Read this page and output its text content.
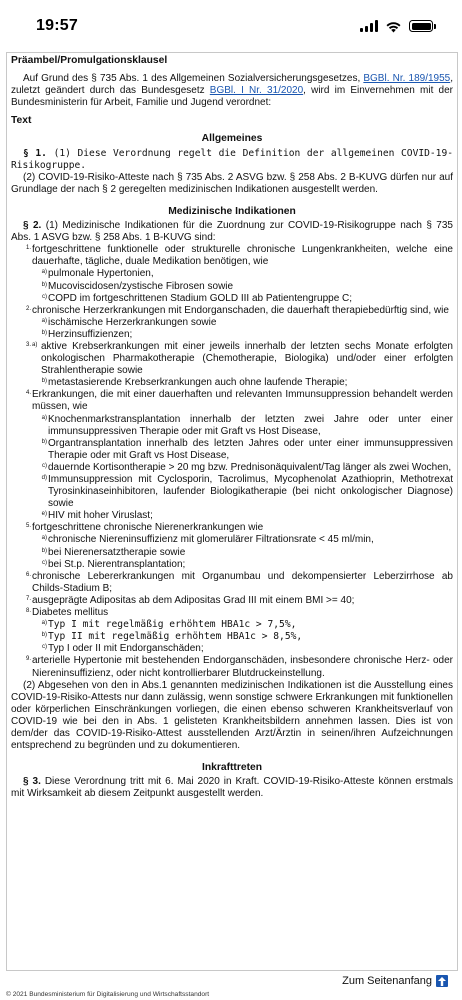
19:57
Präambel/Promulgationsklausel

Auf Grund des § 735 Abs. 1 des Allgemeinen Sozialversicherungsgesetzes, BGBl. Nr. 189/1955, zuletzt geändert durch das Bundesgesetz BGBl. I Nr. 31/2020, wird im Einvernehmen mit der Bundesministerin für Arbeit, Familie und Jugend verordnet:

Text
Allgemeines

§ 1. (1) Diese Verordnung regelt die Definition der allgemeinen COVID-19-Risikogruppe.

(2) COVID-19-Risiko-Atteste nach § 735 Abs. 2 ASVG bzw. § 258 Abs. 2 B-KUVG dürfen nur auf Grundlage der nach § 2 geregelten medizinischen Indikationen ausgestellt werden.

Medizinische Indikationen

§ 2. (1) Medizinische Indikationen für die Zuordnung zur COVID-19-Risikogruppe nach § 735 Abs. 1 ASVG bzw. § 258 Abs. 1 B-KUVG sind:

1. fortgeschrittene funktionelle oder strukturelle chronische Lungenkrankheiten, welche eine dauerhafte, tägliche, duale Medikation benötigen, wie
a) pulmonale Hypertonien,
b) Mucoviscidosen/zystische Fibrosen sowie
c) COPD im fortgeschrittenen Stadium GOLD III ab Patientengruppe C;
2. chronische Herzerkrankungen mit Endorganschaden, die dauerhaft therapiebedürftig sind, wie
a) ischämische Herzerkrankungen sowie
b) Herzinsuffizienzen;
3. a) aktive Krebserkrankungen mit einer jeweils innerhalb der letzten sechs Monate erfolgten onkologischen Pharmakotherapie (Chemotherapie, Biologika) und/oder einer erfolgten Strahlentherapie sowie
b) metastasierende Krebserkrankungen auch ohne laufende Therapie;
4. Erkrankungen, die mit einer dauerhaften und relevanten Immunsuppression behandelt werden müssen, wie
a) Knochenmarkstransplantation innerhalb der letzten zwei Jahre oder unter einer immunsuppressiven Therapie oder mit Graft vs Host Disease,
b) Organtransplantation innerhalb des letzten Jahres oder unter einer immunsuppressiven Therapie oder mit Graft vs Host Disease,
c) dauernde Kortisontherapie > 20 mg bzw. Prednisonäquivalent/Tag länger als zwei Wochen,
d) Immunsuppression mit Cyclosporin, Tacrolimus, Mycophenolat Azathioprin, Methotrexat Tyrosinkinaseinhibitoren, laufender Biologikatherapie (bei nicht onkologischer Diagnose) sowie
e) HIV mit hoher Viruslast;
5. fortgeschrittene chronische Nierenerkrankungen wie
a) chronische Niereninsuffizienz mit glomerulärer Filtrationsrate < 45 ml/min,
b) bei Nierenersatztherapie sowie
c) bei St.p. Nierentransplantation;
6. chronische Lebererkrankungen mit Organumbau und dekompensierter Leberzirrhose ab Childs-Stadium B;
7. ausgeprägte Adipositas ab dem Adipositas Grad III mit einem BMI >= 40;
8. Diabetes mellitus
a) Typ I mit regelmäßig erhöhtem HBA1c > 7,5%,
b) Typ II mit regelmäßig erhöhtem HBA1c > 8,5%,
c) Typ I oder II mit Endorganschäden;
9. arterielle Hypertonie mit bestehenden Endorganschäden, insbesondere chronische Herz- oder Niereninsuffizienz, oder nicht kontrollierbarer Blutdruckeinstellung.

(2) Abgesehen von den in Abs.1 genannten medizinischen Indikationen ist die Ausstellung eines COVID-19-Risiko-Attests nur dann zulässig, wenn sonstige schwere Erkrankungen mit funktionellen oder körperlichen Einschränkungen vorliegen, die einen ebenso schweren Krankheitsverlauf von COVID-19 wie bei den in Abs. 1 gelisteten Krankheitsbildern annehmen lassen. Dies ist von dem/der das COVID-19-Risiko-Attest ausstellenden Arzt/Ärztin in seinen/ihren Aufzeichnungen entsprechend zu begründen und zu dokumentieren.

Inkrafttreten

§ 3. Diese Verordnung tritt mit 6. Mai 2020 in Kraft. COVID-19-Risiko-Atteste können erstmals mit Wirksamkeit ab diesem Zeitpunkt ausgestellt werden.

Zum Seitenanfang
© 2021 Bundesministerium für Digitalisierung und Wirtschaftsstandort
